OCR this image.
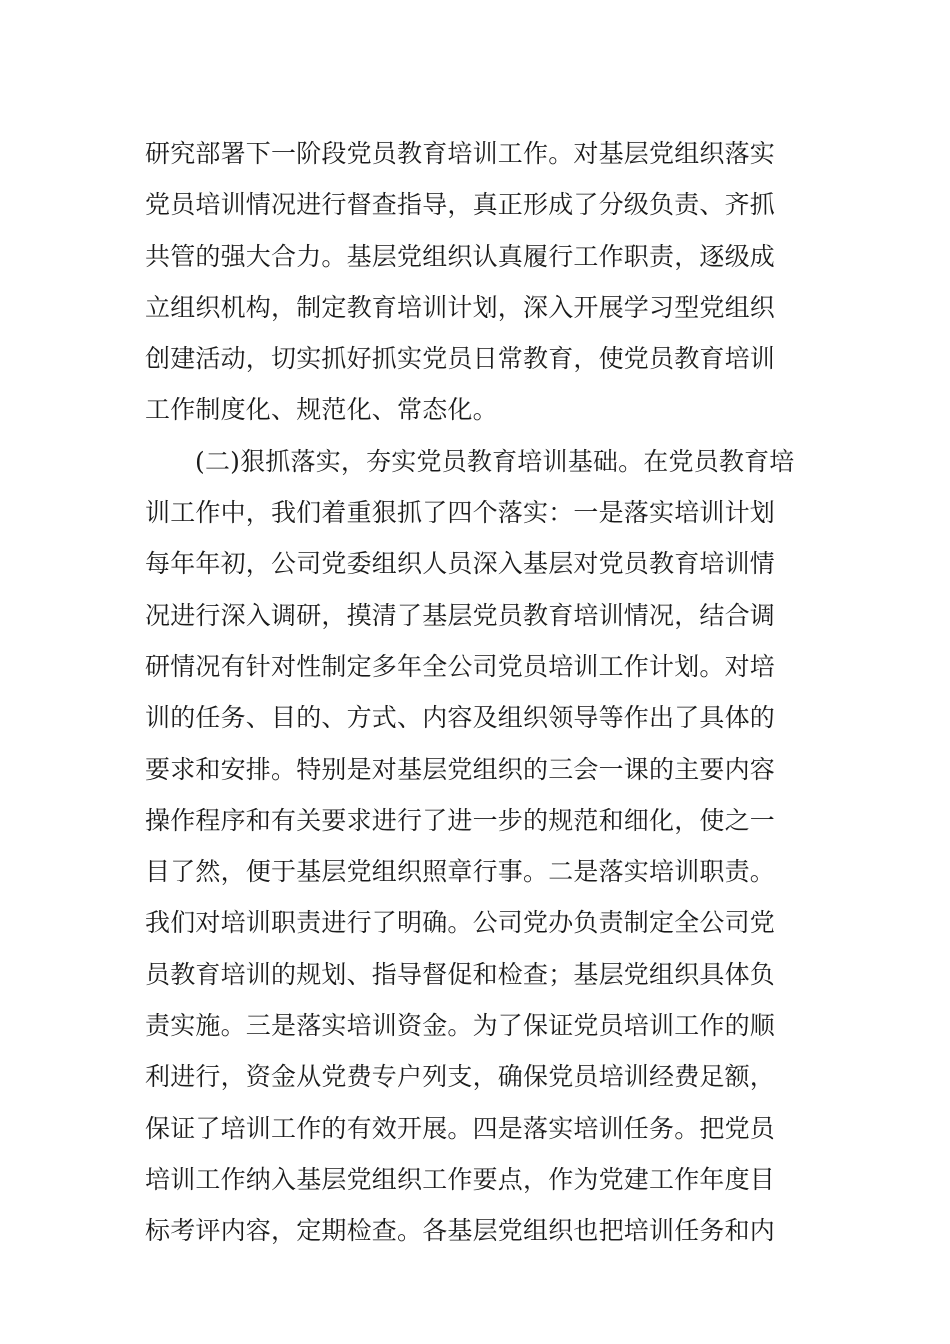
研究部署下一阶段党员教育培训工作。对基层党组织落实
党员培训情况进行督查指导，真正形成了分级负责、齐抓
共管的强大合力。基层党组织认真履行工作职责，逐级成
立组织机构，制定教育培训计划，深入开展学习型党组织
创建活动，切实抓好抓实党员日常教育，使党员教育培训
工作制度化、规范化、常态化。
(二)狠抓落实，夯实党员教育培训基础。在党员教育培
训工作中，我们着重狠抓了四个落实：一是落实培训计划
每年年初，公司党委组织人员深入基层对党员教育培训情
况进行深入调研，摸清了基层党员教育培训情况，结合调
研情况有针对性制定多年全公司党员培训工作计划。对培
训的任务、目的、方式、内容及组织领导等作出了具体的
要求和安排。特别是对基层党组织的三会一课的主要内容
操作程序和有关要求进行了进一步的规范和细化，使之一
目了然，便于基层党组织照章行事。二是落实培训职责。
我们对培训职责进行了明确。公司党办负责制定全公司党
员教育培训的规划、指导督促和检查；基层党组织具体负
责实施。三是落实培训资金。为了保证党员培训工作的顺
利进行，资金从党费专户列支，确保党员培训经费足额，
保证了培训工作的有效开展。四是落实培训任务。把党员
培训工作纳入基层党组织工作要点，作为党建工作年度目
标考评内容，定期检查。各基层党组织也把培训任务和内
